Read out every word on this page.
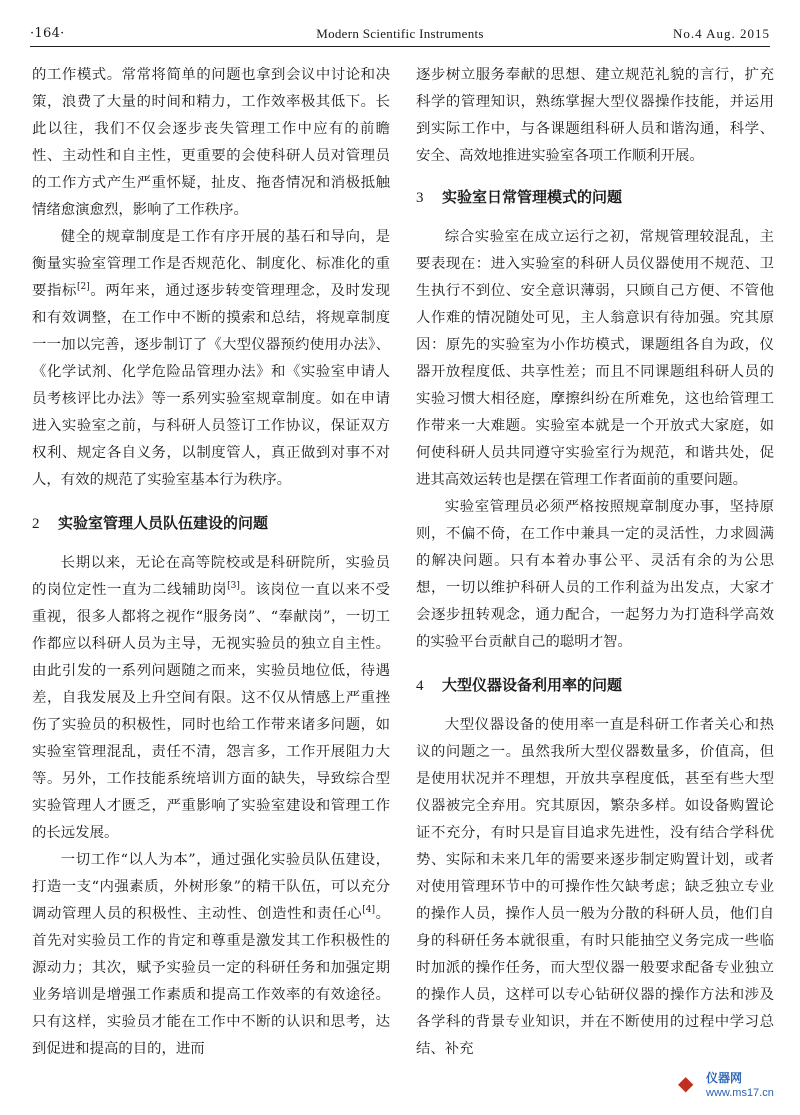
·164·	Modern Scientific Instruments	No.4 Aug. 2015

的工作模式。常常将简单的问题也拿到会议中讨论和决策，浪费了大量的时间和精力，工作效率极其低下。长此以往，我们不仅会逐步丧失管理工作中应有的前瞻性、主动性和自主性，更重要的会使科研人员对管理员的工作方式产生严重怀疑，扯皮、拖沓情况和消极抵触情绪愈演愈烈，影响了工作秩序。

健全的规章制度是工作有序开展的基石和导向，是衡量实验室管理工作是否规范化、制度化、标准化的重要指标[2]。两年来，通过逐步转变管理理念，及时发现和有效调整，在工作中不断的摸索和总结，将规章制度一一加以完善，逐步制订了《大型仪器预约使用办法》、《化学试剂、化学危险品管理办法》和《实验室申请人员考核评比办法》等一系列实验室规章制度。如在申请进入实验室之前，与科研人员签订工作协议，保证双方权利、规定各自义务，以制度管人，真正做到对事不对人，有效的规范了实验室基本行为秩序。

2 实验室管理人员队伍建设的问题

长期以来，无论在高等院校或是科研院所，实验员的岗位定性一直为二线辅助岗[3]。该岗位一直以来不受重视，很多人都将之视作“服务岗”、“奉献岗”，一切工作都应以科研人员为主导，无视实验员的独立自主性。由此引发的一系列问题随之而来，实验员地位低，待遇差，自我发展及上升空间有限。这不仅从情感上严重挫伤了实验员的积极性，同时也给工作带来诸多问题，如实验室管理混乱，责任不清，怨言多，工作开展阻力大等。另外，工作技能系统培训方面的缺失，导致综合型实验管理人才匮乏，严重影响了实验室建设和管理工作的长远发展。

一切工作“以人为本”，通过强化实验员队伍建设，打造一支“内强素质，外树形象”的精干队伍，可以充分调动管理人员的积极性、主动性、创造性和责任心[4]。首先对实验员工作的肯定和尊重是激发其工作积极性的源动力；其次，赋予实验员一定的科研任务和加强定期业务培训是增强工作素质和提高工作效率的有效途径。只有这样，实验员才能在工作中不断的认识和思考，达到促进和提高的目的，进而

逐步树立服务奉献的思想、建立规范礼貌的言行，扩充科学的管理知识，熟练掌握大型仪器操作技能，并运用到实际工作中，与各课题组科研人员和谐沟通，科学、安全、高效地推进实验室各项工作顺利开展。

3 实验室日常管理模式的问题

综合实验室在成立运行之初，常规管理较混乱，主要表现在：进入实验室的科研人员仪器使用不规范、卫生执行不到位、安全意识薄弱，只顾自己方便、不管他人作难的情况随处可见，主人翁意识有待加强。究其原因：原先的实验室为小作坊模式，课题组各自为政，仪器开放程度低、共享性差；而且不同课题组科研人员的实验习惯大相径庭，摩擦纠纷在所难免，这也给管理工作带来一大难题。实验室本就是一个开放式大家庭，如何使科研人员共同遵守实验室行为规范，和谐共处，促进其高效运转也是摆在管理工作者面前的重要问题。

实验室管理员必须严格按照规章制度办事，坚持原则，不偏不倚，在工作中兼具一定的灵活性，力求圆满的解决问题。只有本着办事公平、灵活有余的为公思想，一切以维护科研人员的工作利益为出发点，大家才会逐步扭转观念，通力配合，一起努力为打造科学高效的实验平台贡献自己的聪明才智。

4 大型仪器设备利用率的问题

大型仪器设备的使用率一直是科研工作者关心和热议的问题之一。虽然我所大型仪器数量多，价值高，但是使用状况并不理想，开放共享程度低，甚至有些大型仪器被完全弃用。究其原因，繁杂多样。如设备购置论证不充分，有时只是盲目追求先进性，没有结合学科优势、实际和未来几年的需要来逐步制定购置计划，或者对使用管理环节中的可操作性欠缺考虑；缺乏独立专业的操作人员，操作人员一般为分散的科研人员，他们自身的科研任务本就很重，有时只能抽空义务完成一些临时加派的操作任务，而大型仪器一般要求配备专业独立的操作人员，这样可以专心钻研仪器的操作方法和涉及各学科的背景专业知识，并在不断使用的过程中学习总结、补充

◆ 仪器网
www.ms17.cn
